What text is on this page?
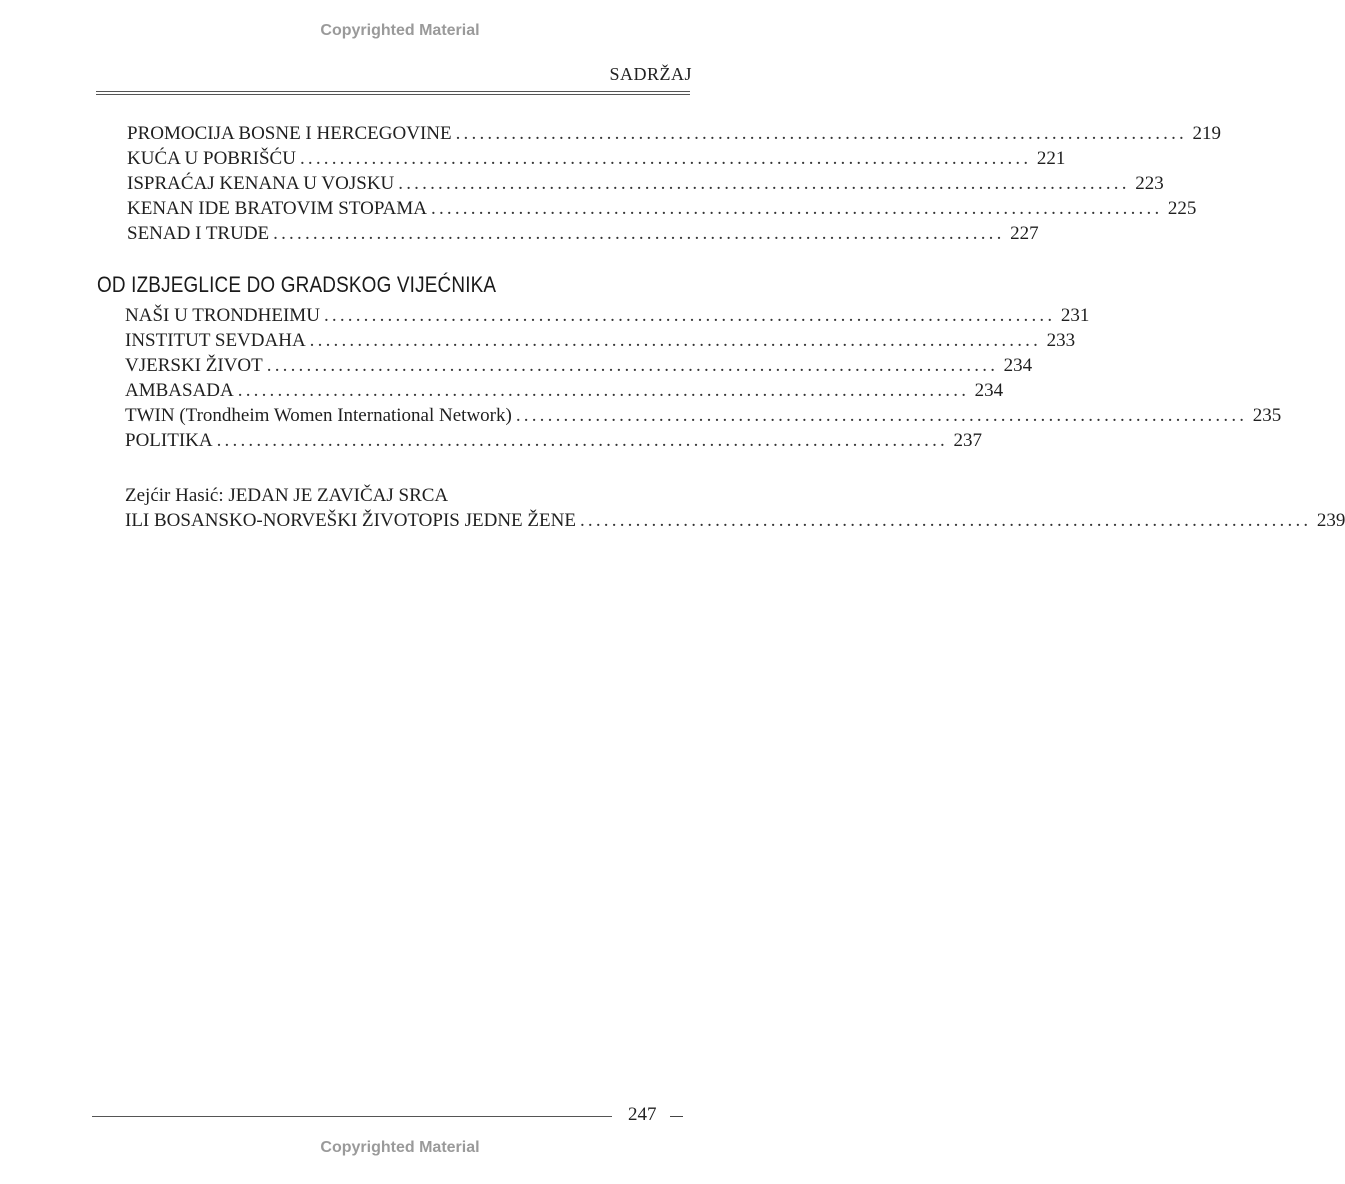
Copyrighted Material
SADRŽAJ
PROMOCIJA BOSNE I HERCEGOVINE ............................................................................................ 219
KUĆA U POBRIŠĆU ............................................................................................ 221
ISPRAĆAJ KENANA U VOJSKU ............................................................................................ 223
KENAN IDE BRATOVIM STOPAMA ............................................................................................ 225
SENAD I TRUDE ............................................................................................ 227
OD IZBJEGLICE DO GRADSKOG VIJEĆNIKA
NAŠI U TRONDHEIMU ............................................................................................ 231
INSTITUT SEVDAHA ............................................................................................ 233
VJERSKI ŽIVOT ............................................................................................ 234
AMBASADA ............................................................................................ 234
TWIN (Trondheim Women International Network) ............................................................................................ 235
POLITIKA ............................................................................................ 237
Zejćir Hasić: JEDAN JE ZAVIČAJ SRCA
ILI BOSANSKO-NORVEŠKI ŽIVOTOPIS JEDNE ŽENE ............................................................................................ 239
247
Copyrighted Material
